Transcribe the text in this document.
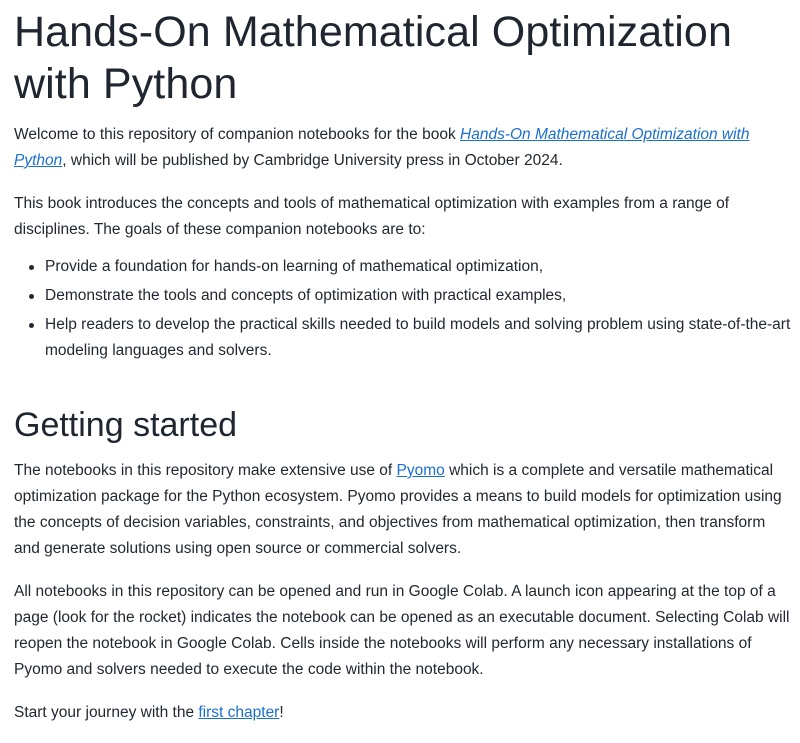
Hands-On Mathematical Optimization with Python

Welcome to this repository of companion notebooks for the book Hands-On Mathematical Optimization with Python, which will be published by Cambridge University press in October 2024.

This book introduces the concepts and tools of mathematical optimization with examples from a range of disciplines. The goals of these companion notebooks are to:

Provide a foundation for hands-on learning of mathematical optimization,
Demonstrate the tools and concepts of optimization with practical examples,
Help readers to develop the practical skills needed to build models and solving problem using state-of-the-art modeling languages and solvers.
Getting started

The notebooks in this repository make extensive use of Pyomo which is a complete and versatile mathematical optimization package for the Python ecosystem. Pyomo provides a means to build models for optimization using the concepts of decision variables, constraints, and objectives from mathematical optimization, then transform and generate solutions using open source or commercial solvers.

All notebooks in this repository can be opened and run in Google Colab. A launch icon appearing at the top of a page (look for the rocket) indicates the notebook can be opened as an executable document. Selecting Colab will reopen the notebook in Google Colab. Cells inside the notebooks will perform any necessary installations of Pyomo and solvers needed to execute the code within the notebook.

Start your journey with the first chapter!
